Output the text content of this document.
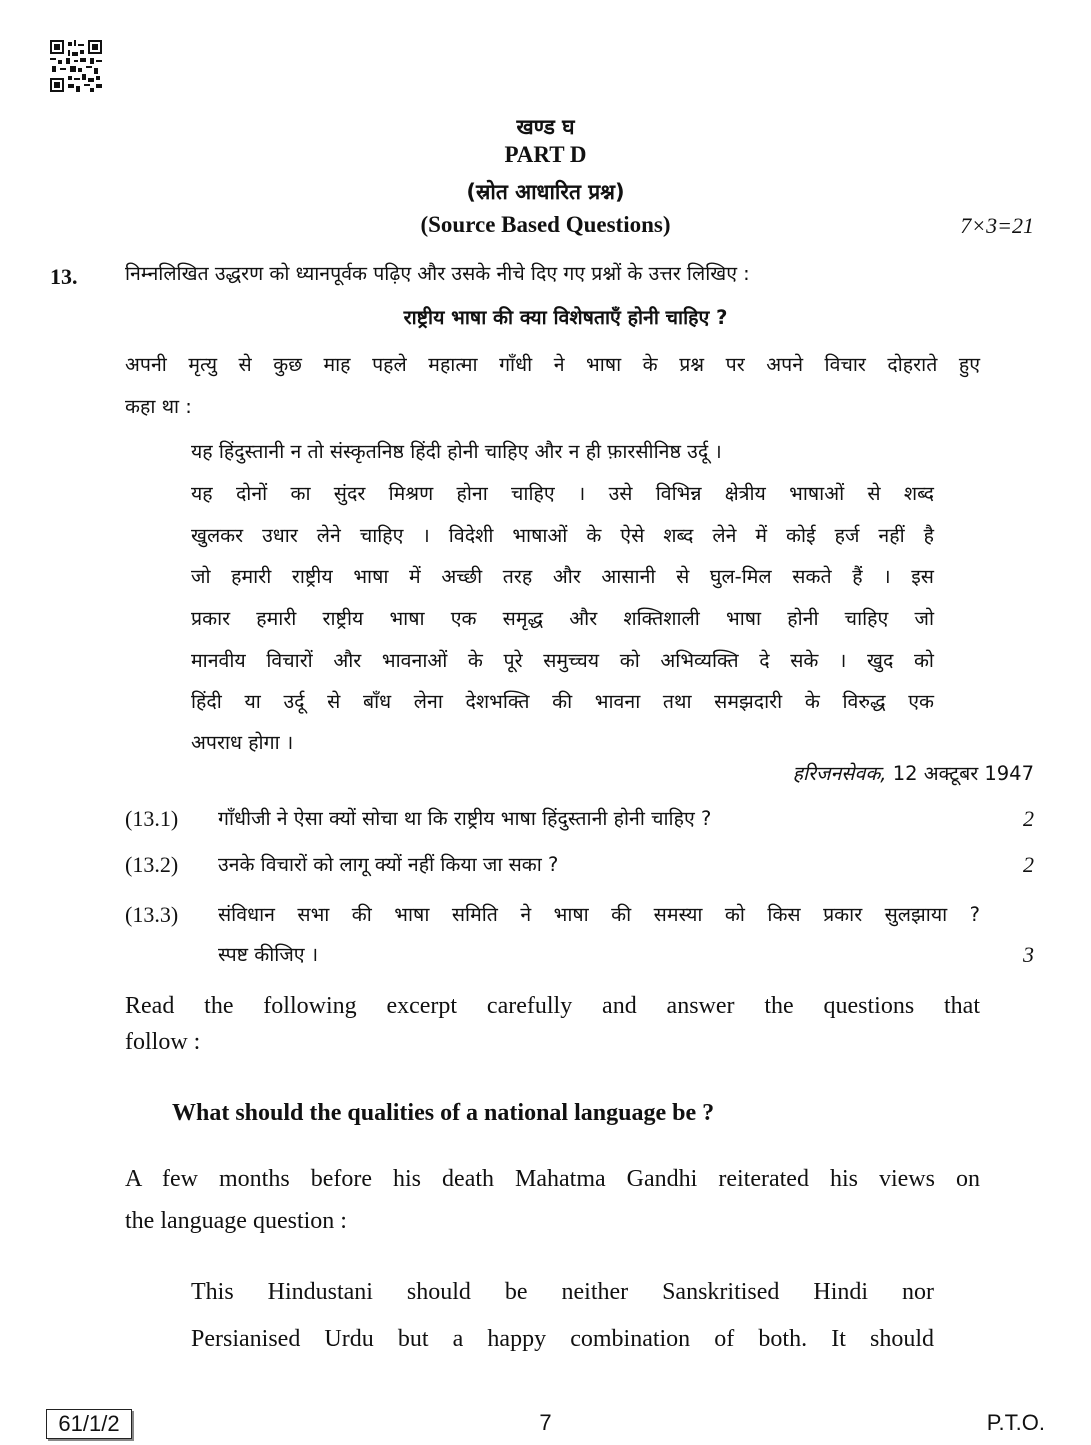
खण्ड घ
PART D
(स्रोत आधारित प्रश्न)
(Source Based Questions)	7×3=21
13. निम्नलिखित उद्धरण को ध्यानपूर्वक पढ़िए और उसके नीचे दिए गए प्रश्नों के उत्तर लिखिए :
राष्ट्रीय भाषा की क्या विशेषताएँ होनी चाहिए ?
अपनी मृत्यु से कुछ माह पहले महात्मा गाँधी ने भाषा के प्रश्न पर अपने विचार दोहराते हुए
कहा था :
यह हिंदुस्तानी न तो संस्कृतनिष्ठ हिंदी होनी चाहिए और न ही फ़ारसीनिष्ठ उर्दू ।
यह दोनों का सुंदर मिश्रण होना चाहिए । उसे विभिन्न क्षेत्रीय भाषाओं से शब्द
खुलकर उधार लेने चाहिए । विदेशी भाषाओं के ऐसे शब्द लेने में कोई हर्ज नहीं है
जो हमारी राष्ट्रीय भाषा में अच्छी तरह और आसानी से घुल-मिल सकते हैं । इस
प्रकार हमारी राष्ट्रीय भाषा एक समृद्ध और शक्तिशाली भाषा होनी चाहिए जो
मानवीय विचारों और भावनाओं के पूरे समुच्चय को अभिव्यक्ति दे सके । खुद को
हिंदी या उर्दू से बाँध लेना देशभक्ति की भावना तथा समझदारी के विरुद्ध एक
अपराध होगा ।
हरिजनसेवक, 12 अक्टूबर 1947
(13.1) गाँधीजी ने ऐसा क्यों सोचा था कि राष्ट्रीय भाषा हिंदुस्तानी होनी चाहिए ?	2
(13.2) उनके विचारों को लागू क्यों नहीं किया जा सका ?	2
(13.3) संविधान सभा की भाषा समिति ने भाषा की समस्या को किस प्रकार सुलझाया ?
स्पष्ट कीजिए ।	3
Read the following excerpt carefully and answer the questions that
follow :
What should the qualities of a national language be ?
A few months before his death Mahatma Gandhi reiterated his views on
the language question :
This Hindustani should be neither Sanskritised Hindi nor
Persianised Urdu but a happy combination of both. It should
61/1/2	7	P.T.O.
